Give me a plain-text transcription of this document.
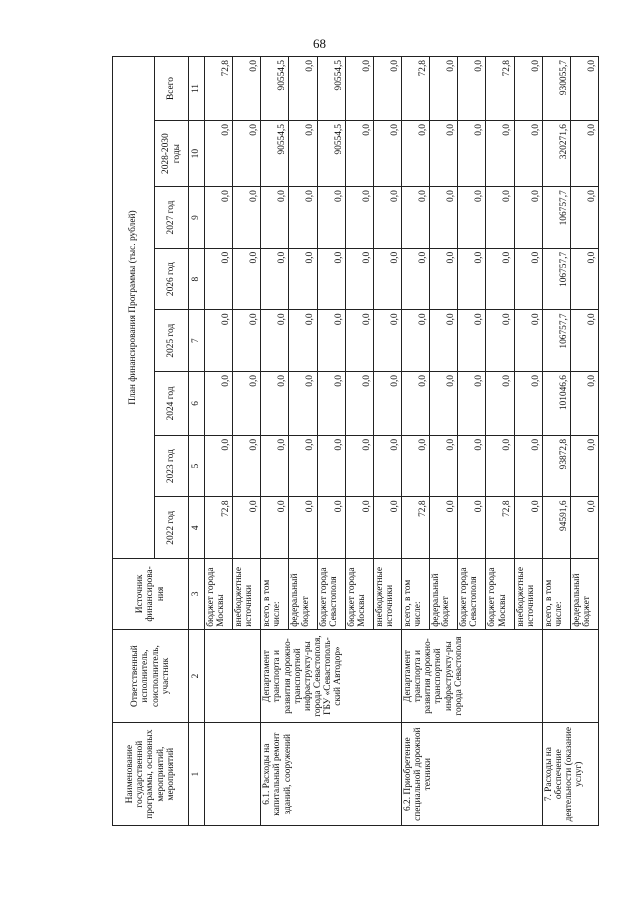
68
Наименование государственной программы, основных мероприятий, мероприятий	Ответственный исполнитель, соисполнитель, участник	Источник финансирова-ния	План финансирования Программы (тыс. рублей)							
			2022 год	2023 год	2024 год	2025 год	2026 год	2027 год	2028-2030 годы	Всего
1	2	3	4	5	6	7	8	9	10	11
		бюджет города Москвы	72,8	0,0	0,0	0,0	0,0	0,0	0,0	72,8
		внебюджетные источники	0,0	0,0	0,0	0,0	0,0	0,0	0,0	0,0
6.1. Расходы на капитальный ремонт зданий, сооружений	Департамент транспорта и развития дорожно-транспортной инфраструкту-ры города Севастополя, ГБУ «Севастополь-ский Автодор»	всего, в том числе:	0,0	0,0	0,0	0,0	0,0	0,0	90554,5	90554,5
		федеральный бюджет	0,0	0,0	0,0	0,0	0,0	0,0	0,0	0,0
		бюджет города Севастополя	0,0	0,0	0,0	0,0	0,0	0,0	90554,5	90554,5
		бюджет города Москвы	0,0	0,0	0,0	0,0	0,0	0,0	0,0	0,0
		внебюджетные источники	0,0	0,0	0,0	0,0	0,0	0,0	0,0	0,0
6.2. Приобретение специальной дорожной техники	Департамент транспорта и развития дорожно-транспортной инфраструкту-ры города Севастополя	всего, в том числе:	72,8	0,0	0,0	0,0	0,0	0,0	0,0	72,8
		федеральный бюджет	0,0	0,0	0,0	0,0	0,0	0,0	0,0	0,0
		бюджет города Севастополя	0,0	0,0	0,0	0,0	0,0	0,0	0,0	0,0
		бюджет города Москвы	72,8	0,0	0,0	0,0	0,0	0,0	0,0	72,8
		внебюджетные источники	0,0	0,0	0,0	0,0	0,0	0,0	0,0	0,0
7. Расходы на обеспечение деятельности (оказание услуг)		всего, в том числе:	94591,6	93872,8	101046,6	106757,7	106757,7	106757,7	320271,6	930055,7
		федеральный бюджет	0,0	0,0	0,0	0,0	0,0	0,0	0,0	0,0
